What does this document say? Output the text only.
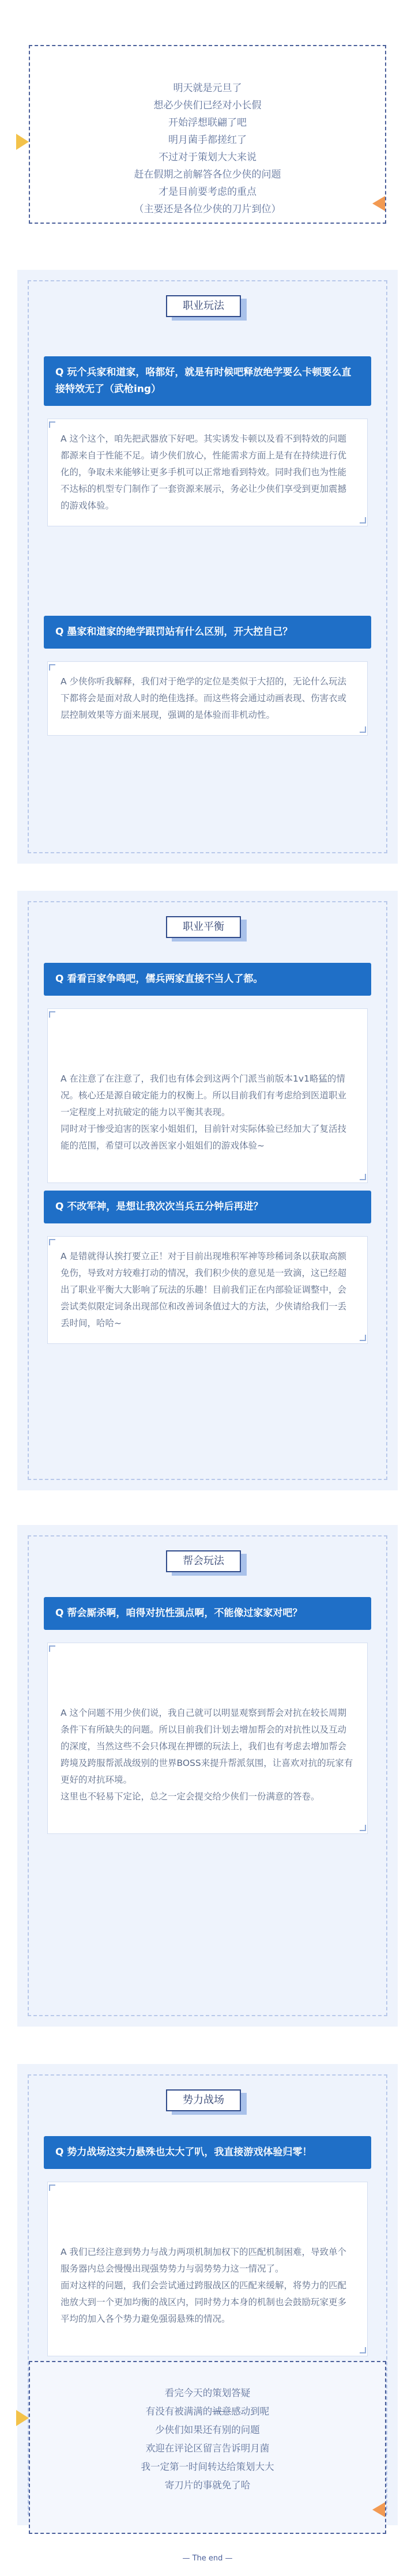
明天就是元旦了
想必少侠们已经对小长假
开始浮想联翩了吧
明月菌手都搓红了
不过对于策划大大来说
赶在假期之前解答各位少侠的问题
才是目前要考虑的重点
（主要还是各位少侠的刀片到位）
职业玩法
Q 玩个兵家和道家，咯都好，就是有时候吧释放绝学要么卡顿要么直接特效无了（武枪ing）
A 这个这个，咱先把武器放下好吧。其实诱发卡顿以及看不到特效的问题都源来自于性能不足。请少侠们放心，性能需求方面上是有在持续进行优化的，争取未来能够让更多手机可以正常地看到特效。同时我们也为性能不达标的机型专门制作了一套资源来展示，务必让少侠们享受到更加震撼的游戏体验。
Q 墨家和道家的绝学跟罚站有什么区别，开大控自己？
A 少侠你听我解释，我们对于绝学的定位是类似于大招的，无论什么玩法下都将会是面对敌人时的绝佳选择。而这些将会通过动画表现、伤害衣或层控制效果等方面来展现，强调的是体验而非机动性。
职业平衡
Q 看看百家争鸣吧，儒兵两家直接不当人了都。

A 在注意了在注意了，我们也有体会到这两个门派当前版本1v1略猛的情况。核心还是源自破定能力的权衡上。所以目前我们有考虑给到医道职业一定程度上对抗破定的能力以平衡其表现。
同时对于惨受迫害的医家小姐姐们，目前针对实际体验已经加大了复活技能的范围，希望可以改善医家小姐姐们的游戏体验~

Q 不改军神，是想让我次次当兵五分钟后再进？
A 是错就得认挨打要立正！对于目前出现堆积军神等珍稀词条以获取高额免伤，导致对方较难打动的情况，我们积少侠的意见是一致滴，这已经超出了职业平衡大大影响了玩法的乐趣！目前我们正在内部验证调整中，会尝试类似限定词条出现部位和改善词条值过大的方法，少侠请给我们一丢丢时间，哈哈~
帮会玩法
Q 帮会厮杀啊，咱得对抗性强点啊，不能像过家家对吧？

A 这个问题不用少侠们说，我自己就可以明显观察到帮会对抗在较长周期条件下有所缺失的问题。所以目前我们计划去增加帮会的对抗性以及互动的深度，当然这些不会只体现在押镖的玩法上，我们也有考虑去增加帮会跨境及跨服帮派战级别的世界BOSS来提升帮派氛围，让喜欢对抗的玩家有更好的对抗环境。
这里也不轻易下定论，总之一定会提交给少侠们一份满意的答卷。

势力战场
Q 势力战场这实力悬殊也太大了叭，我直接游戏体验归零！

A 我们已经注意到势力与战力两项机制加权下的匹配机制困难，导致单个服务器内总会慢慢出现强势势力与弱势势力这一情况了。
面对这样的问题，我们会尝试通过跨服战区的匹配来缓解，将势力的匹配池放大到一个更加均衡的战区内，同时势力本身的机制也会鼓励玩家更多平均的加入各个势力避免强弱悬殊的情况。

看完今天的策划答疑
有没有被满满的诚意感动到呢
少侠们如果还有别的问题
欢迎在评论区留言告诉明月菌
我一定第一时间转达给策划大大
寄刀片的事就免了哈
— The end —
